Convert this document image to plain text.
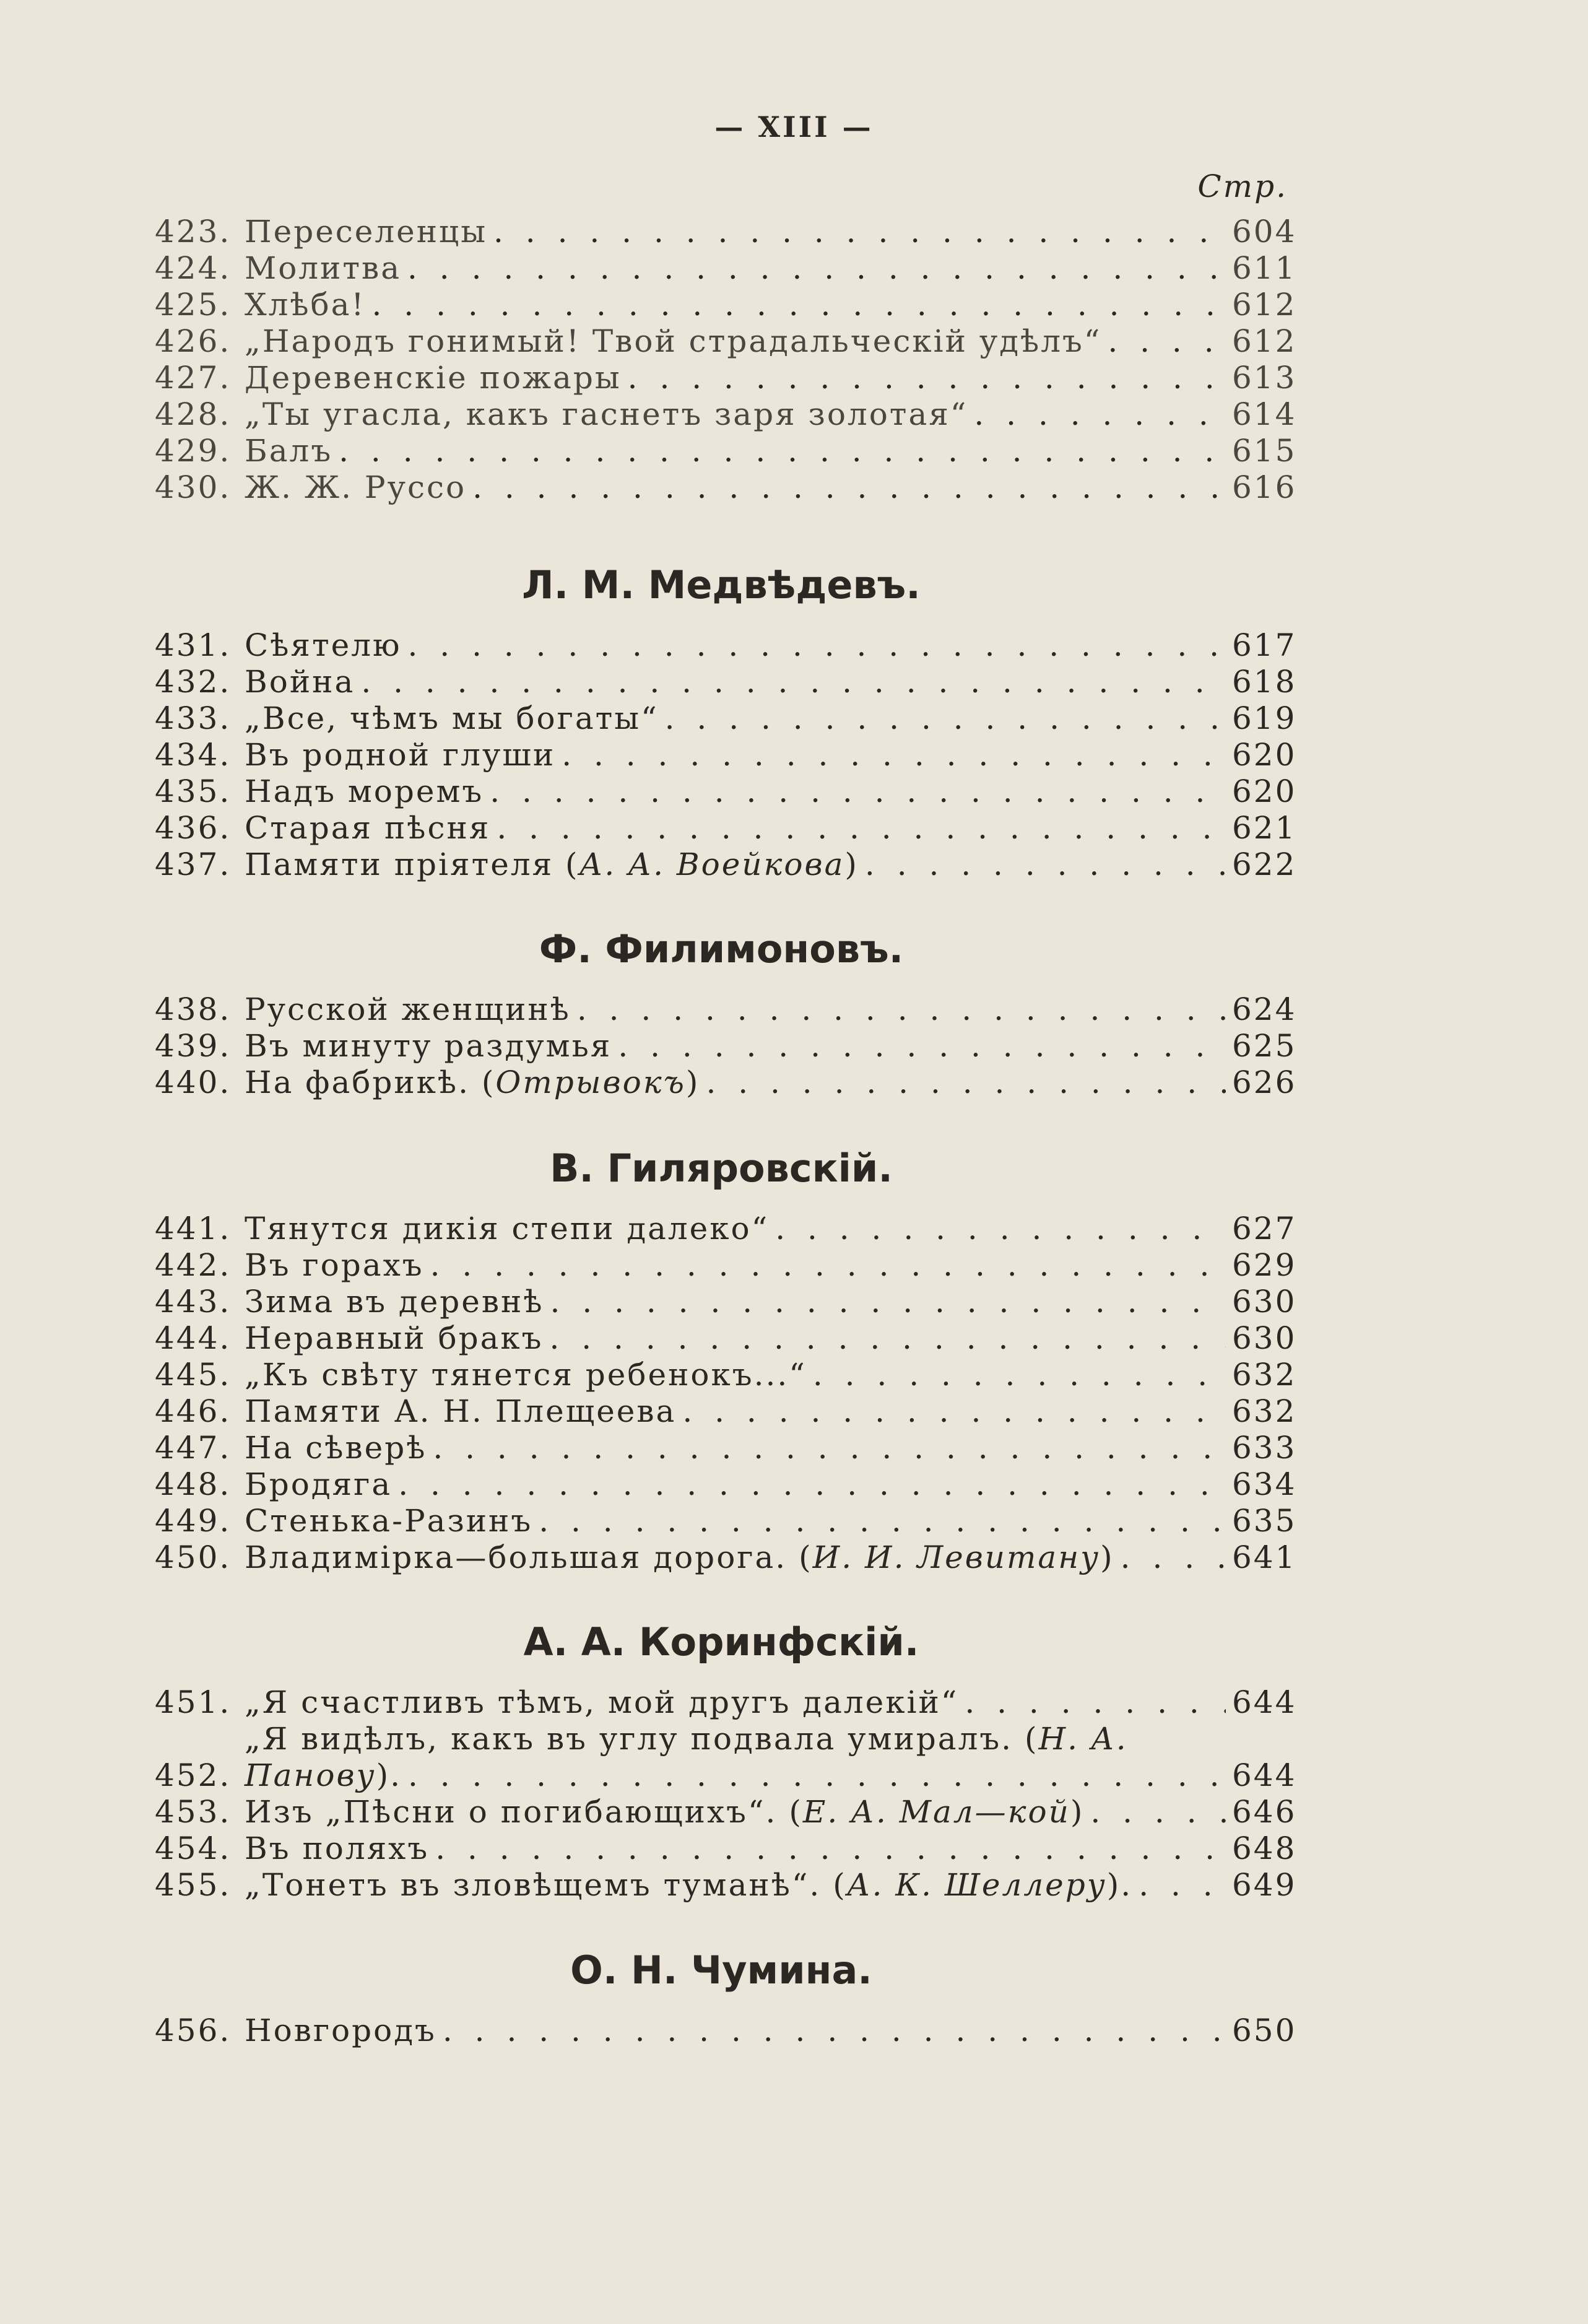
— XIII —
Стр.
423. Переселенцы . . .	604
424. Молитва . . .	611
425. Хлѣба! . . .	612
426. „Народъ гонимый! Твой страдальческій удѣлъ“ . . .	612
427. Деревенскіе пожары . . .	613
428. „Ты угасла, какъ гаснетъ заря золотая“ . . .	614
429. Балъ . . .	615
430. Ж. Ж. Руссо . . .	616
Л. М. Медвѣдевъ.
431. Сѣятелю . . .	617
432. Война . . .	618
433. „Все, чѣмъ мы богаты“ . . .	619
434. Въ родной глуши . . .	620
435. Надъ моремъ . . .	620
436. Старая пѣсня . . .	621
437. Памяти пріятеля (А. А. Воейкова) . . .	622
Ф. Филимоновъ.
438. Русской женщинѣ . . .	624
439. Въ минуту раздумья . . .	625
440. На фабрикѣ. (Отрывокъ) . . .	626
В. Гиляровскій.
441. Тянутся дикія степи далеко“ . . .	627
442. Въ горахъ . . .	629
443. Зима въ деревнѣ . . .	630
444. Неравный бракъ . . .	630
445. „Къ свѣту тянется ребенокъ...“ . . .	632
446. Памяти А. Н. Плещеева . . .	632
447. На сѣверѣ . . .	633
448. Бродяга . . .	634
449. Стенька-Разинъ . . .	635
450. Владимірка—большая дорога. (И. И. Левитану) . . .	641
А. А. Коринфскій.
451. „Я счастливъ тѣмъ, мой другъ далекій“ . . .	644
„Я видѣлъ, какъ въ углу подвала умиралъ. (Н. А.
452. Панову). . . .	644
453. Изъ „Пѣсни о погибающихъ“. (Е. А. Мал—кой) . . .	646
454. Въ поляхъ . . .	648
455. „Тонетъ въ зловѣщемъ туманѣ“. (А. К. Шеллеру). . . .	649
О. Н. Чумина.
456. Новгородъ . . .	650
